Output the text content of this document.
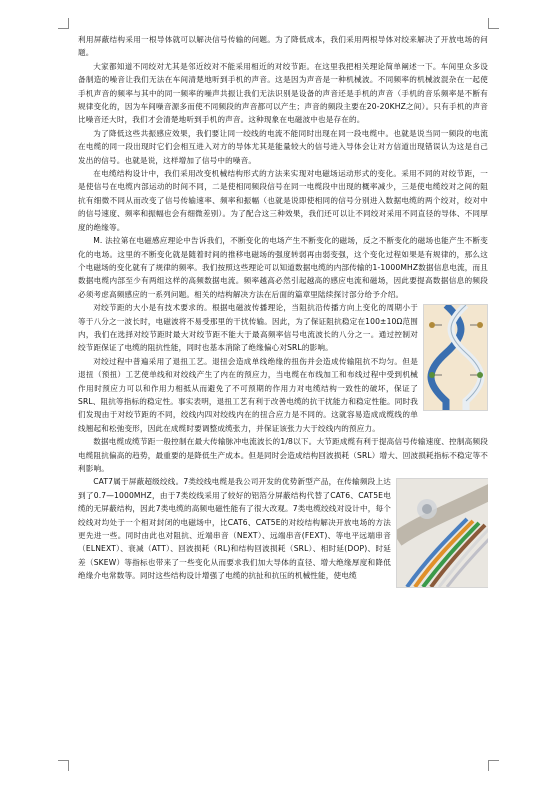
利用屏蔽结构采用一根导体就可以解决信号传输的问题。为了降低成本，我们采用两根导体对绞来解决了开放电场的问题。

大家都知道不同绞对尤其是邻近绞对不能采用相近的对绞节距。在这里我把相关理论简单阐述一下。车间里众多设备制造的噪音让我们无法在车间清楚地听到手机的声音。这是因为声音是一种机械波。不同频率的机械波混杂在一起使手机声音的频率与其中的同一频率的噪声共振让我们无法识别是设备的声音还是手机的声音（手机的音乐频率是不断有规律变化的，因为车间噪音源多而使不同频段的声音都可以产生；声音的频段主要在20-20KHZ之间）。只有手机的声音比噪音还大时，我们才会清楚地听到手机的声音。这种现象在电磁波中也是存在的。

为了降低这些共振感应效果，我们要让同一绞线的电流不能同时出现在同一段电缆中。也就是说当同一频段的电流在电缆的同一段出现时它们会相互进入对方的导体尤其是能量较大的信号进入导体会让对方信道出现错误认为这是自己发出的信号。也就是说，这样增加了信号中的噪音。

在电缆结构设计中，我们采用改变机械结构形式的方法来实现对电磁场运动形式的变化。采用不同的对绞节距，一是使信号在电缆内部运动的时间不同，二是使相同频段信号在同一电缆段中出现的概率减少，三是使电缆绞对之间的阻抗有细微不同从而改变了信号传输速率、频率和振幅（也就是说即使相同的信号分别进入数据电缆的两个绞对，绞对中的信号速度、频率和振幅也会有细微差别）。为了配合这三种效果，我们还可以让不同绞对采用不同直径的导体、不同厚度的绝缘等。

M. 法拉第在电磁感应理论中告诉我们，不断变化的电场产生不断变化的磁场，反之不断变化的磁场也能产生不断变化的电场。这里的不断变化就是随着时间的推移电磁场的强度转弱再由弱变强，这个变化过程如果是有规律的，那么这个电磁场的变化就有了规律的频率。我们按照这些理论可以知道数据电缆的内部传输的1-1000MHZ数据信息电流，而且数据电缆内部至少有两组这样的高频数据电流。频率越高必然引起越高的感应电流和磁场，因此要提高数据信息的频段必须考虑高频感应的一系列问题。相关的结构解决方法在后面的篇章里陆续探讨部分给予介绍。

对绞节距的大小是有技术要求的。根据电磁波传播理论，当阻抗沿传播方向上变化的周期小于等于八分之一波长时，电磁波将不易受那里的干扰传输。因此，为了保证阻抗稳定在100±10Ω范围内，我们在选择对绞节距时最大对绞节距不能大于最高频率信号电流波长的八分之一。通过控制对绞节距保证了电缆的阻抗性能，同时也基本消除了绝缘偏心对SRL的影响。

对绞过程中普遍采用了退扭工艺。退扭会造成单线绝缘的扭伤并会造成传输阻抗不均匀。但是退扭（预扭）工艺使单线和对绞线产生了内在的预应力，当电缆在布线加工和布线过程中受到机械作用时预应力可以和作用力相抵从而避免了不可预期的作用力对电缆结构一致性的破坏，保证了SRL、阻抗等指标的稳定性。事实表明，退扭工艺有利于改善电缆的抗干扰能力和稳定性能。同时我们发现由于对绞节距的不同，绞线内四对绞线内在的扭合应力是不同的。这就容易造成成缆线的单线翘起和松弛变形，因此在成缆时要调整成缆张力，并保证该张力大于绞线内的预应力。

数据电缆成缆节距一般控制在最大传输脉冲电流波长的1/8以下。大节距成缆有利于提高信号传输速度、控制高频段电缆阻抗偏高的趋势，最重要的是降低生产成本。但是同时会造成结构回波损耗（SRL）增大、回波损耗指标不稳定等不利影响。

CAT7属于屏蔽超级绞线。7类绞线电缆是我公司开发的优势新型产品，在传输频段上达到了0.7—1000MHZ，由于7类绞线采用了较好的铝箔分屏蔽结构代替了CAT6、CAT5E电缆的无屏蔽结构，因此7类电缆的高频电磁性能有了很大改观。7类电缆绞线对设计中，每个绞线对均处于一个相对封闭的电磁场中，比CAT6、CAT5E的对绞结构解决开放电场的方法更先进一些。同时由此也对阻抗、近端串音（NEXT）、远端串音(FEXT)、等电平远端串音（ELNEXT）、衰减（ATT）、回波损耗（RL)和结构回波损耗（SRL）、相时延(DOP)、时延差（SKEW）等指标也带来了一些变化从而要求我们加大导体的直径、增大绝缘厚度和降低绝缘介电常数等。同时这些结构设计增强了电缆的抗扯和抗压的机械性能，使电缆
